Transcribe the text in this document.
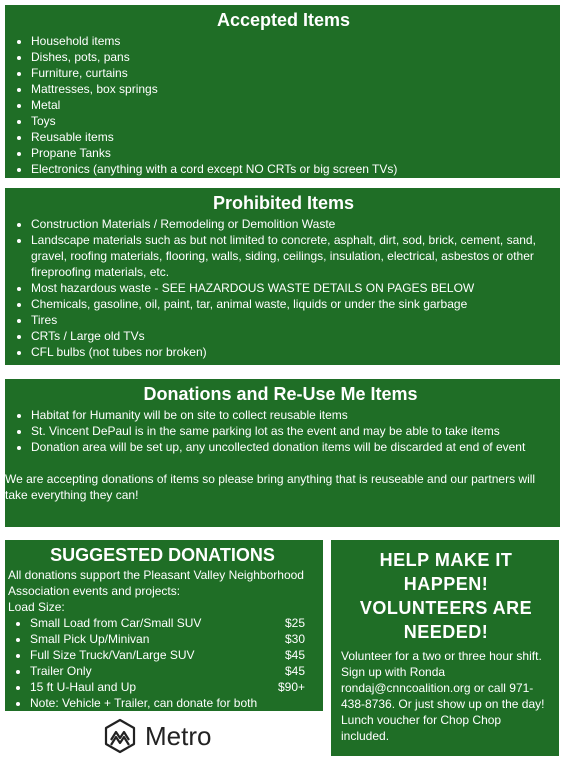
Accepted Items
• Household items
• Dishes, pots, pans
• Furniture, curtains
• Mattresses, box springs
• Metal
• Toys
• Reusable items
• Propane Tanks
• Electronics (anything with a cord except NO CRTs or big screen TVs)
Prohibited Items
• Construction Materials / Remodeling or Demolition Waste
• Landscape materials such as but not limited to concrete, asphalt, dirt, sod, brick, cement, sand, gravel, roofing materials, flooring, walls, siding, ceilings, insulation, electrical, asbestos or other fireproofing materials, etc.
• Most hazardous waste - SEE HAZARDOUS WASTE DETAILS ON PAGES BELOW
• Chemicals, gasoline, oil, paint, tar, animal waste, liquids or under the sink garbage
• Tires
• CRTs / Large old TVs
• CFL bulbs (not tubes nor broken)
Donations and Re-Use Me Items
• Habitat for Humanity will be on site to collect reusable items
• St. Vincent DePaul is in the same parking lot as the event and may be able to take items
• Donation area will be set up, any uncollected donation items will be discarded at end of event
We are accepting donations of items so please bring anything that is reuseable and our partners will take everything they can!
SUGGESTED DONATIONS
All donations support the Pleasant Valley Neighborhood Association events and projects:
Load Size:
• Small Load from Car/Small SUV	$25
• Small Pick Up/Minivan	$30
• Full Size Truck/Van/Large SUV	$45
• Trailer Only	$45
• 15 ft U-Haul and Up	$90+
• Note: Vehicle + Trailer, can donate for both
HELP MAKE IT HAPPEN! VOLUNTEERS ARE NEEDED!
Volunteer for a two or three hour shift. Sign up with Ronda rondaj@cnncoalition.org or call 971-438-8736. Or just show up on the day! Lunch voucher for Chop Chop included.
See following for additional details!
Metro
